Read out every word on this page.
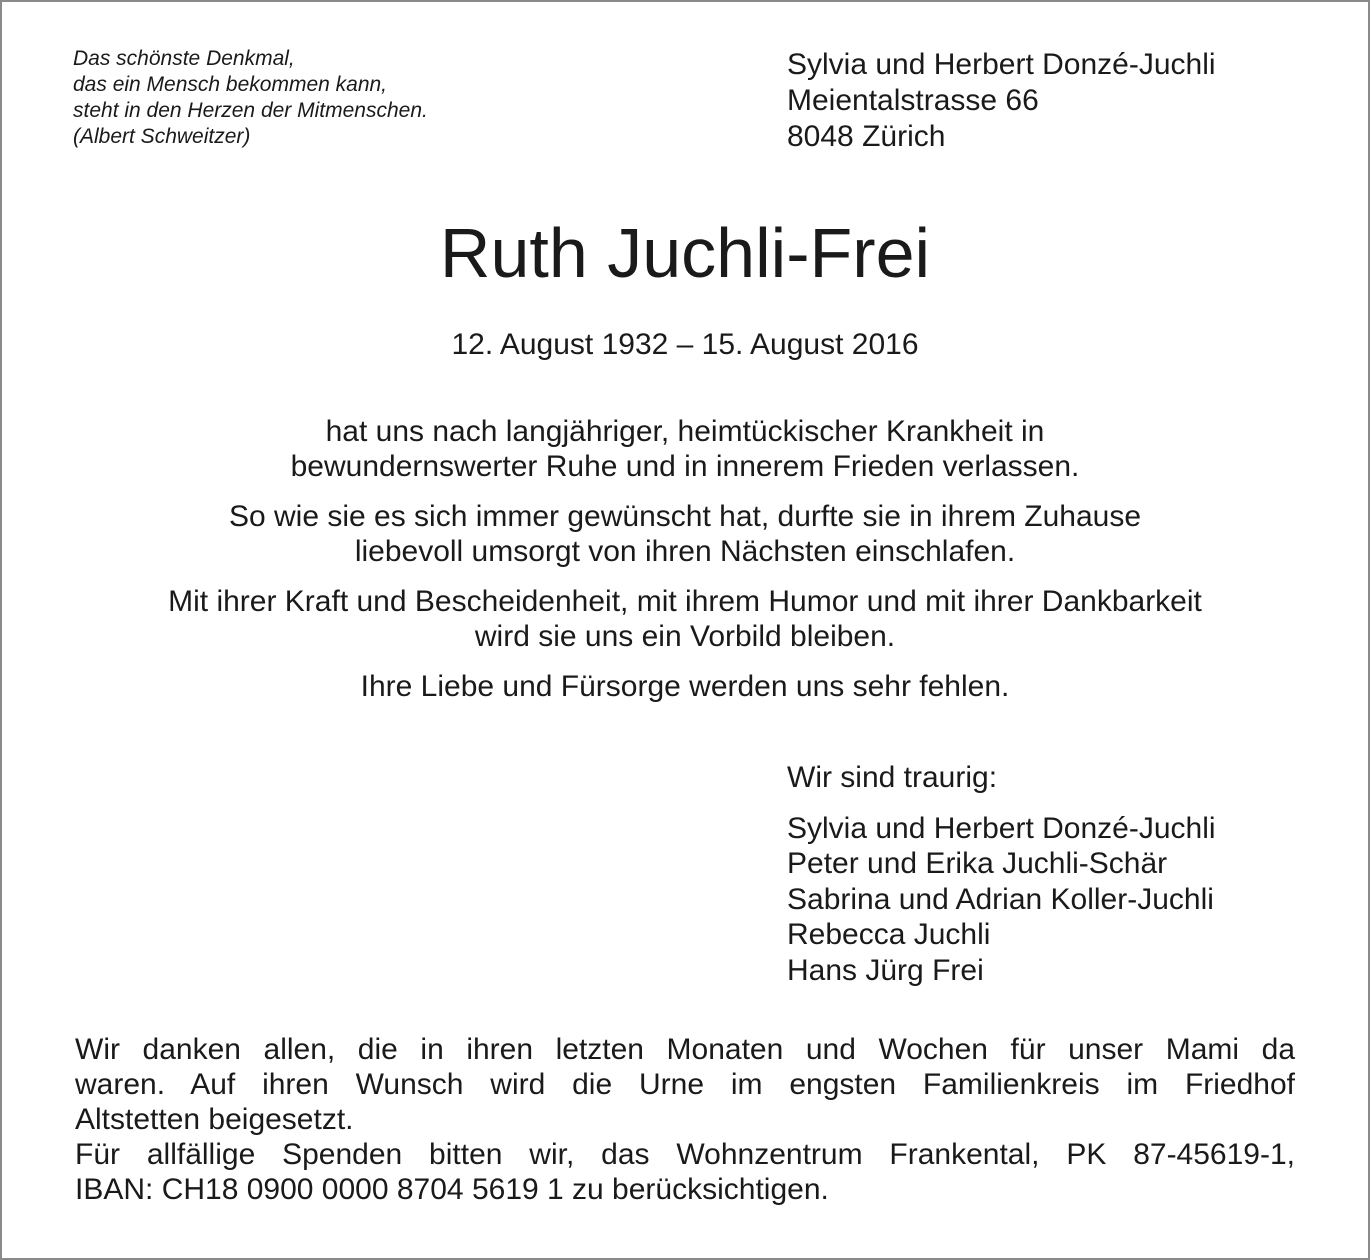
Das schönste Denkmal,
das ein Mensch bekommen kann,
steht in den Herzen der Mitmenschen.
(Albert Schweitzer)
Sylvia und Herbert Donzé-Juchli
Meientalstrasse 66
8048 Zürich
Ruth Juchli-Frei
12. August 1932 – 15. August 2016

hat uns nach langjähriger, heimtückischer Krankheit in
bewundernswerter Ruhe und in innerem Frieden verlassen.

So wie sie es sich immer gewünscht hat, durfte sie in ihrem Zuhause
liebevoll umsorgt von ihren Nächsten einschlafen.

Mit ihrer Kraft und Bescheidenheit, mit ihrem Humor und mit ihrer Dankbarkeit
wird sie uns ein Vorbild bleiben.

Ihre Liebe und Fürsorge werden uns sehr fehlen.

Wir sind traurig:
Sylvia und Herbert Donzé-Juchli
Peter und Erika Juchli-Schär
Sabrina und Adrian Koller-Juchli
Rebecca Juchli
Hans Jürg Frei
Wir danken allen, die in ihren letzten Monaten und Wochen für unser Mami da
waren. Auf ihren Wunsch wird die Urne im engsten Familienkreis im Friedhof
Altstetten beigesetzt.
Für allfällige Spenden bitten wir, das Wohnzentrum Frankental, PK 87-45619-1,
IBAN: CH18 0900 0000 8704 5619 1 zu berücksichtigen.
